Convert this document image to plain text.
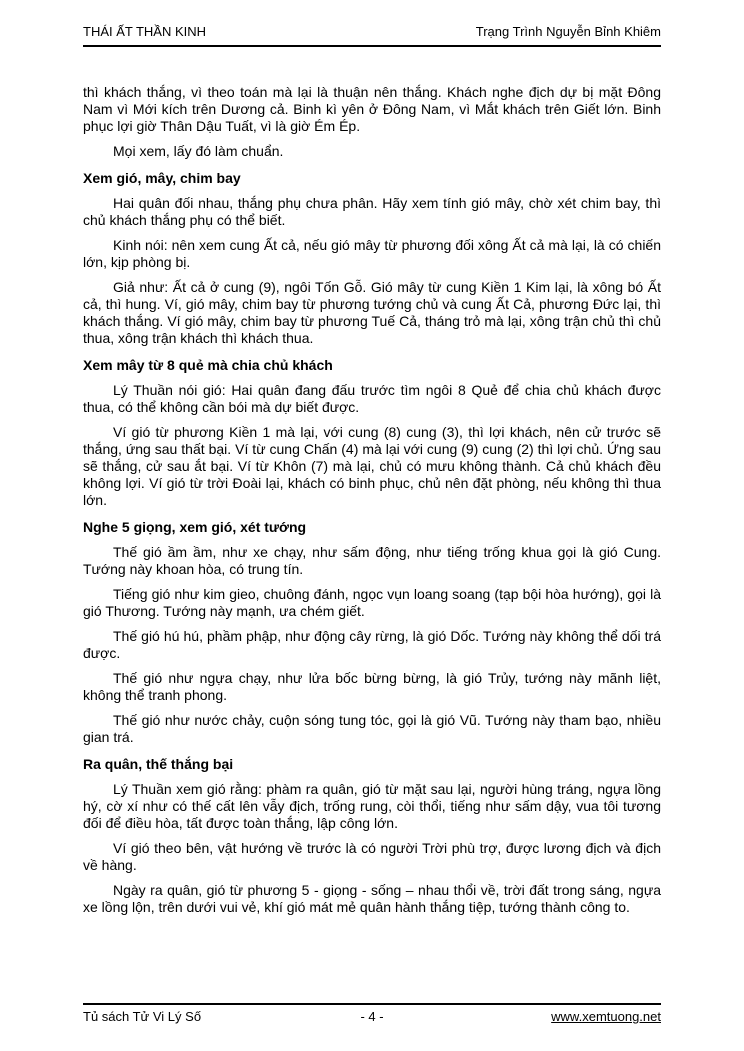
THÁI ẤT THẦN KINH	Trạng Trình Nguyễn Bỉnh Khiêm

thì khách thắng, vì theo toán mà lại là thuận nên thắng. Khách nghe địch dự bị mặt Đông Nam vì Mới kích trên Dương cả. Binh kì yên ở Đông Nam, vì Mắt khách trên Giết lớn. Binh phục lợi giờ Thân Dậu Tuất, vì là giờ Ém Ép.

Mọi xem, lấy đó làm chuẩn.

Xem gió, mây, chim bay

Hai quân đối nhau, thắng phụ chưa phân. Hãy xem tính gió mây, chờ xét chim bay, thì chủ khách thắng phụ có thể biết.

Kinh nói: nên xem cung Ất cả, nếu gió mây từ phương đối xông Ất cả mà lại, là có chiến lớn, kịp phòng bị.

Giả như: Ất cả ở cung (9), ngôi Tốn Gỗ. Gió mây từ cung Kiền 1 Kim lại, là xông bó Ất cả, thì hung. Ví, gió mây, chim bay từ phương tướng chủ và cung Ất Cả, phương Đức lại, thì khách thắng. Ví gió mây, chim bay từ phương Tuế Cả, tháng trỏ mà lại, xông trận chủ thì chủ thua, xông trận khách thì khách thua.

Xem mây từ 8 quẻ mà chia chủ khách

Lý Thuần nói gió: Hai quân đang đấu trước tìm ngôi 8 Quẻ để chia chủ khách được thua, có thể không cần bói mà dự biết được.

Ví gió từ phương Kiền 1 mà lại, với cung (8) cung (3), thì lợi khách, nên cử trước sẽ thắng, ứng sau thất bại. Ví từ cung Chấn (4) mà lại với cung (9) cung (2) thì lợi chủ. Ứng sau sẽ thắng, cử sau ắt bại. Ví từ Khôn (7) mà lại, chủ có mưu không thành. Cả chủ khách đều không lợi. Ví gió từ trời Đoài lại, khách có binh phục, chủ nên đặt phòng, nếu không thì thua lớn.

Nghe 5 giọng, xem gió, xét tướng

Thế gió ầm ầm, như xe chạy, như sấm động, như tiếng trống khua gọi là gió Cung. Tướng này khoan hòa, có trung tín.

Tiếng gió như kim gieo, chuông đánh, ngọc vụn loang soang (tạp bội hòa hướng), gọi là gió Thương. Tướng này mạnh, ưa chém giết.

Thế gió hú hú, phầm phập, như động cây rừng, là gió Dốc. Tướng này không thể dối trá được.

Thế gió như ngựa chạy, như lửa bốc bừng bừng, là gió Trủy, tướng này mãnh liệt, không thể tranh phong.

Thế gió như nước chảy, cuộn sóng tung tóc, gọi là gió Vũ. Tướng này tham bạo, nhiều gian trá.

Ra quân, thế thắng bại

Lý Thuần xem gió rằng: phàm ra quân, gió từ mặt sau lại, người hùng tráng, ngựa lồng hý, cờ xí như có thế cất lên vẫy địch, trống rung, còi thổi, tiếng như sấm dậy, vua tôi tương đối để điều hòa, tất được toàn thắng, lập công lớn.

Ví gió theo bên, vật hướng về trước là có người Trời phù trợ, được lương địch và địch về hàng.

Ngày ra quân, gió từ phương 5 - giọng - sống – nhau thổi về, trời đất trong sáng, ngựa xe lồng lộn, trên dưới vui vẻ, khí gió mát mẻ quân hành thắng tiệp, tướng thành công to.

Tủ sách Tử Vi Lý Số	- 4 -	www.xemtuong.net
